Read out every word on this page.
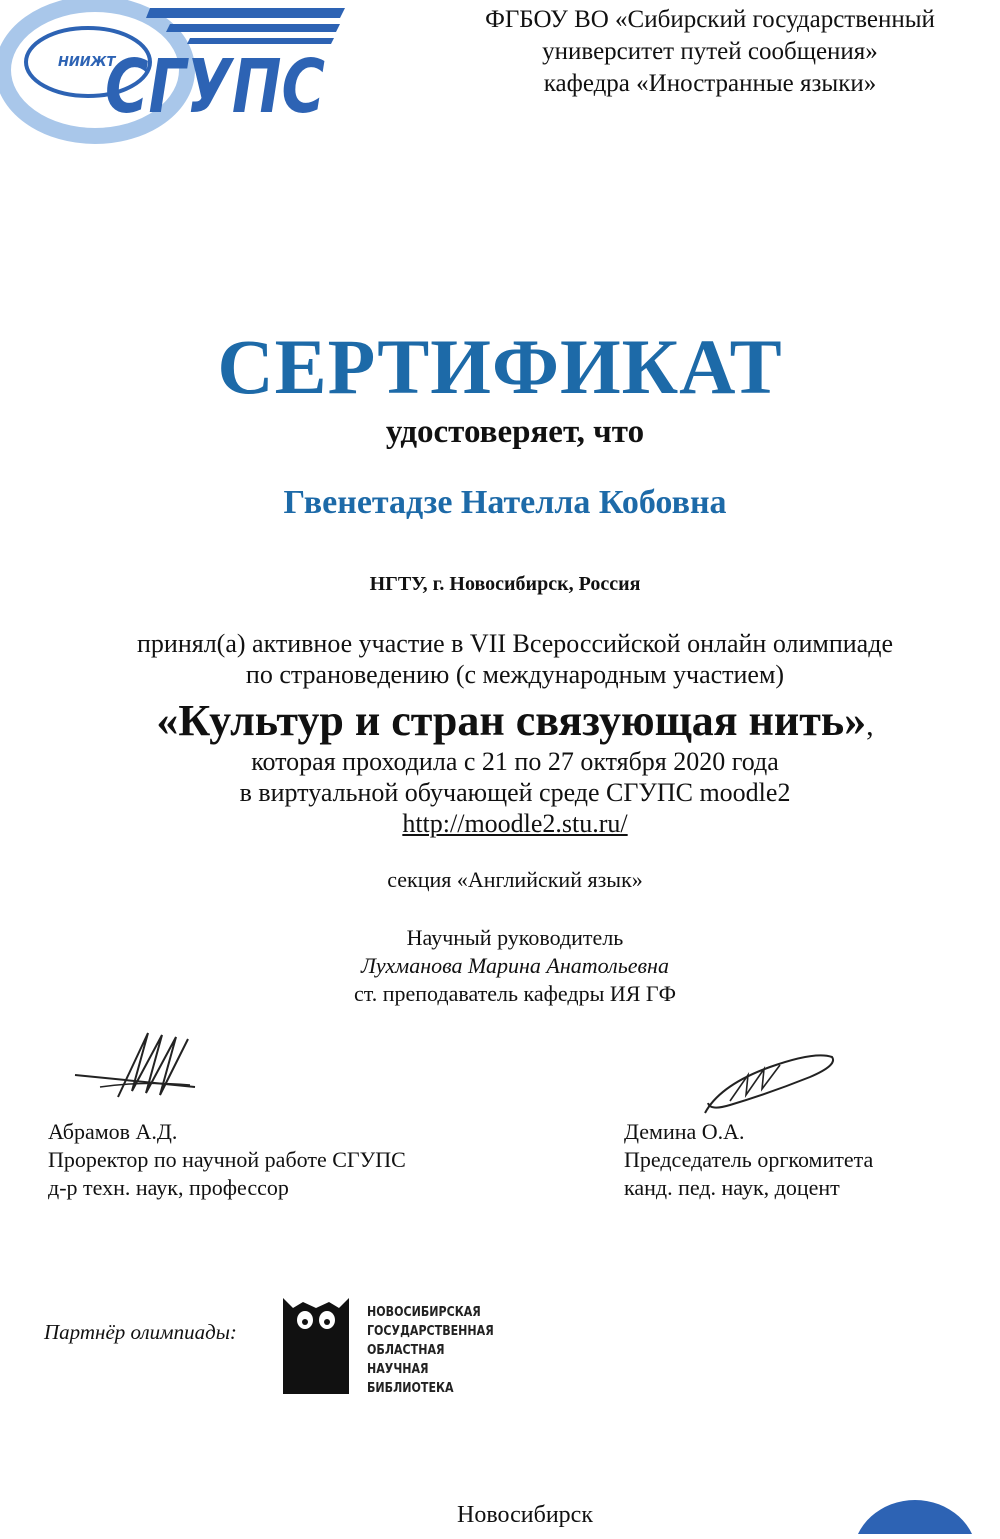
НИИЖТ
СГУПС
ФГБОУ ВО «Сибирский государственный
университет путей сообщения»
кафедра «Иностранные языки»
СЕРТИФИКАТ
удостоверяет, что
Гвенетадзе Нателла Кобовна
НГТУ, г. Новосибирск, Россия
принял(а) активное участие в VII Всероссийской онлайн олимпиаде
по страноведению (с международным участием)
«Культур и стран связующая нить»,
которая проходила с 21 по 27 октября 2020 года
в виртуальной обучающей среде СГУПС moodle2
http://moodle2.stu.ru/
секция «Английский язык»
Научный руководитель
Лухманова Марина Анатольевна
ст. преподаватель кафедры ИЯ ГФ
Абрамов А.Д.
Проректор по научной работе СГУПС
д-р техн. наук, профессор
Демина О.А.
Председатель оргкомитета
канд. пед. наук, доцент
Партнёр олимпиады:
НОВОСИБИРСКАЯ
ГОСУДАРСТВЕННАЯ
ОБЛАСТНАЯ
НАУЧНАЯ
БИБЛИОТЕКА
Новосибирск
